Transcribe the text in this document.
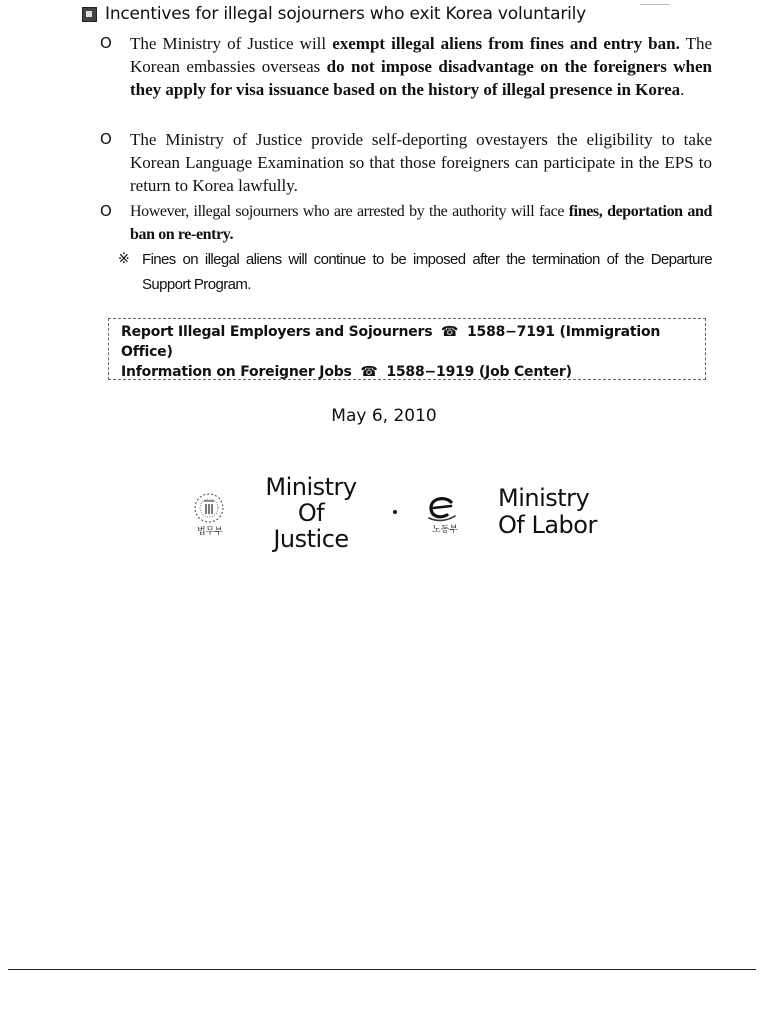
Incentives for illegal sojourners who exit Korea voluntarily
O The Ministry of Justice will exempt illegal aliens from fines and entry ban. The Korean embassies overseas do not impose disadvantage on the foreigners when they apply for visa issuance based on the history of illegal presence in Korea.
O The Ministry of Justice provide self-deporting ovestayers the eligibility to take Korean Language Examination so that those foreigners can participate in the EPS to return to Korea lawfully.
O However, illegal sojourners who are arrested by the authority will face fines, deportation and ban on re-entry.
※ Fines on illegal aliens will continue to be imposed after the termination of the Departure Support Program.
Report Illegal Employers and Sojourners ☎ 1588−7191 (Immigration Office)
Information on Foreigner Jobs ☎ 1588−1919 (Job Center)
May 6, 2010
법무부
Ministry
Of
Justice	노동부
Ministry
Of Labor
